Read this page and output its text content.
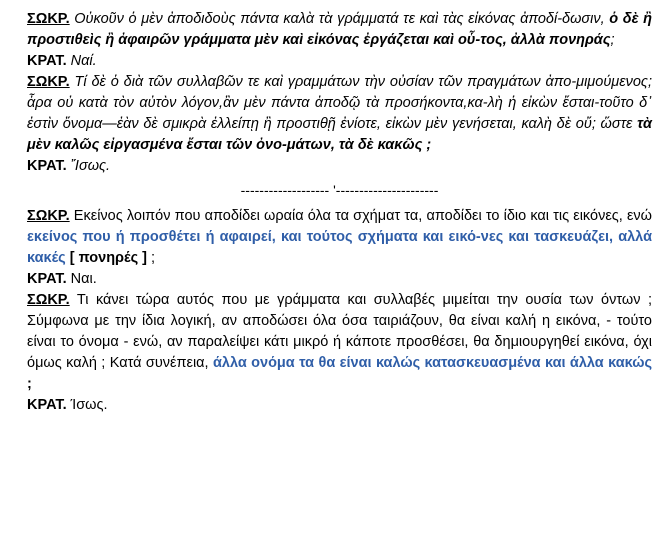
ΣΩΚΡ. Οὐκοῦν ὁ μὲν ἀποδιδοὺς πάντα καλὰ τὰ γράμματά τε καὶ τὰς εἰκόνας ἀποδί-δωσιν, ὁ δὲ ἢ προστιθεὶς ἢ ἀφαιρῶν γράμματα μὲν καὶ εἰκόνας ἐργάζεται καὶ οὗ-τος, ἀλλὰ πονηράς;

ΚΡΑΤ. Ναί.

ΣΩΚΡ. Τί δὲ ὁ διὰ τῶν συλλαβῶν τε καὶ γραμμάτων τὴν οὐσίαν τῶν πραγμάτων ἀπο-μιμούμενος; ἆρα οὐ κατὰ τὸν αὐτὸν λόγον,ἂν μὲν πάντα ἀποδῷ τὰ προσήκοντα,κα-λὴ ἡ εἰκὼν ἔσται-τοῦτο δ᾽ ἐστὶν ὄνομα—ἐὰν δὲ σμικρὰ ἐλλείπῃ ἢ προστιθῇ ἐνίοτε, εἰκὼν μὲν γενήσεται, καλὴ δὲ οὔ; ὥστε τὰ μὲν καλῶς εἰργασμένα ἔσται τῶν ὀνο-μάτων, τὰ δὲ κακῶς ;

ΚΡΑΤ. Ἴσως.

------------------- '----------------------

ΣΩΚΡ. Εκείνος λοιπόν που αποδίδει ωραία όλα τα σχήματ τα, αποδίδει το ίδιο και τις εικόνες, ενώ εκείνος που ή προσθέτει ή αφαιρεί, και τούτος σχήματα και εικό-νες και τασκευάζει, αλλά κακές [ πονηρές ] ;

ΚΡΑΤ. Ναι.

ΣΩΚΡ. Τι κάνει τώρα αυτός που με γράμματα και συλλαβές μιμείται την ουσία των όντων ; Σύμφωνα με την ίδια λογική, αν αποδώσει όλα όσα ταιριάζουν, θα είναι καλή η εικόνα, - τούτο είναι το όνομα - ενώ, αν παραλείψει κάτι μικρό ή κάποτε προσθέσει, θα δημιουργηθεί εικόνα, όχι όμως καλή ; Κατά συνέπεια, άλλα ονόμα τα θα είναι καλώς κατασκευασμένα και άλλα κακώς ;

ΚΡΑΤ. Ίσως.
